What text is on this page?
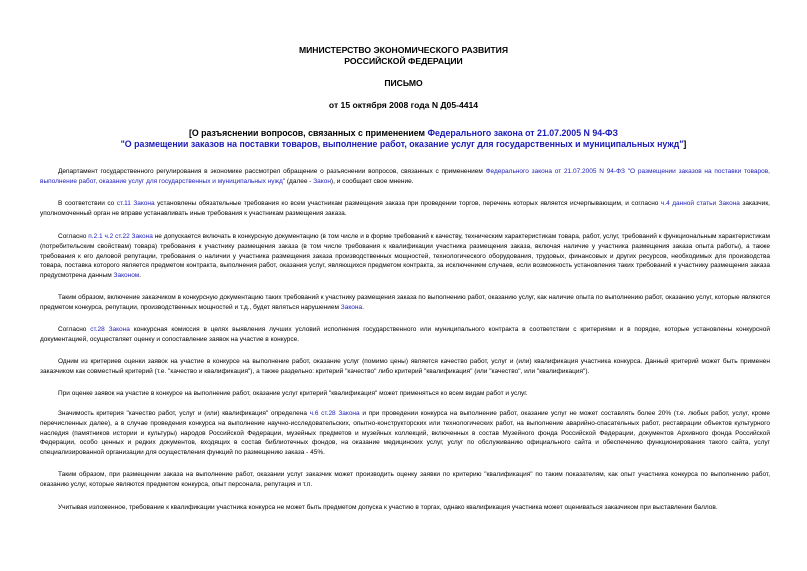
МИНИСТЕРСТВО ЭКОНОМИЧЕСКОГО РАЗВИТИЯ
РОССИЙСКОЙ ФЕДЕРАЦИИ
ПИСЬМО
от 15 октября 2008 года N Д05-4414
[О разъяснении вопросов, связанных с применением Федерального закона от 21.07.2005 N 94-ФЗ
"О размещении заказов на поставки товаров, выполнение работ, оказание услуг для государственных и муниципальных нужд"]

Департамент государственного регулирования в экономике рассмотрел обращение о разъяснении вопросов, связанных с применением Федерального закона от 21.07.2005 N 94-ФЗ "О размещении заказов на поставки товаров, выполнение работ, оказание услуг для государственных и муниципальных нужд" (далее - Закон), и сообщает свое мнение.

В соответствии со ст.11 Закона установлены обязательные требования ко всем участникам размещения заказа при проведении торгов, перечень которых является исчерпывающим, и согласно ч.4 данной статьи Закона заказчик, уполномоченный орган не вправе устанавливать иные требования к участникам размещения заказа.

Согласно п.2.1 ч.2 ст.22 Закона не допускается включать в конкурсную документацию (в том числе и в форме требований к качеству, техническим характеристикам товара, работ, услуг, требований к функциональным характеристикам (потребительским свойствам) товара) требования к участнику размещения заказа (в том числе требования к квалификации участника размещения заказа, включая наличие у участника размещения заказа опыта работы), а также требования к его деловой репутации, требования о наличии у участника размещения заказа производственных мощностей, технологического оборудования, трудовых, финансовых и других ресурсов, необходимых для производства товара, поставка которого является предметом контракта, выполнения работ, оказания услуг, являющихся предметом контракта, за исключением случаев, если возможность установления таких требований к участнику размещения заказа предусмотрена данным Законом.

Таким образом, включение заказчиком в конкурсную документацию таких требований к участнику размещения заказа по выполнению работ, оказанию услуг, как наличие опыта по выполнению работ, оказанию услуг, которые являются предметом конкурса, репутации, производственных мощностей и т.д., будет являться нарушением Закона.

Согласно ст.28 Закона конкурсная комиссия в целях выявления лучших условий исполнения государственного или муниципального контракта в соответствии с критериями и в порядке, которые установлены конкурсной документацией, осуществляет оценку и сопоставление заявок на участие в конкурсе.

Одним из критериев оценки заявок на участие в конкурсе на выполнение работ, оказание услуг (помимо цены) является качество работ, услуг и (или) квалификация участника конкурса. Данный критерий может быть применен заказчиком как совместный критерий (т.е. "качество и квалификация"), а также раздельно: критерий "качество" либо критерий "квалификация" (или "качество", или "квалификация").

При оценке заявок на участие в конкурсе на выполнение работ, оказание услуг критерий "квалификация" может применяться ко всем видам работ и услуг.

Значимость критерия "качество работ, услуг и (или) квалификация" определена ч.6 ст.28 Закона и при проведении конкурса на выполнение работ, оказание услуг не может составлять более 20% (т.е. любых работ, услуг, кроме перечисленных далее), а в случае проведения конкурса на выполнение научно-исследовательских, опытно-конструкторских или технологических работ, на выполнение аварийно-спасательных работ, реставрации объектов культурного наследия (памятников истории и культуры) народов Российской Федерации, музейных предметов и музейных коллекций, включенных в состав Музейного фонда Российской Федерации, документов Архивного фонда Российской Федерации, особо ценных и редких документов, входящих в состав библиотечных фондов, на оказание медицинских услуг, услуг по обслуживанию официального сайта и обеспечению функционирования такого сайта, услуг специализированной организации для осуществления функций по размещению заказа - 45%.

Таким образом, при размещении заказа на выполнение работ, оказании услуг заказчик может производить оценку заявки по критерию "квалификация" по таким показателям, как опыт участника конкурса по выполнению работ, оказанию услуг, которые являются предметом конкурса, опыт персонала, репутация и т.п.

Учитывая изложенное, требование к квалификации участника конкурса не может быть предметом допуска к участию в торгах, однако квалификация участника может оцениваться заказчиком при выставлении баллов.
